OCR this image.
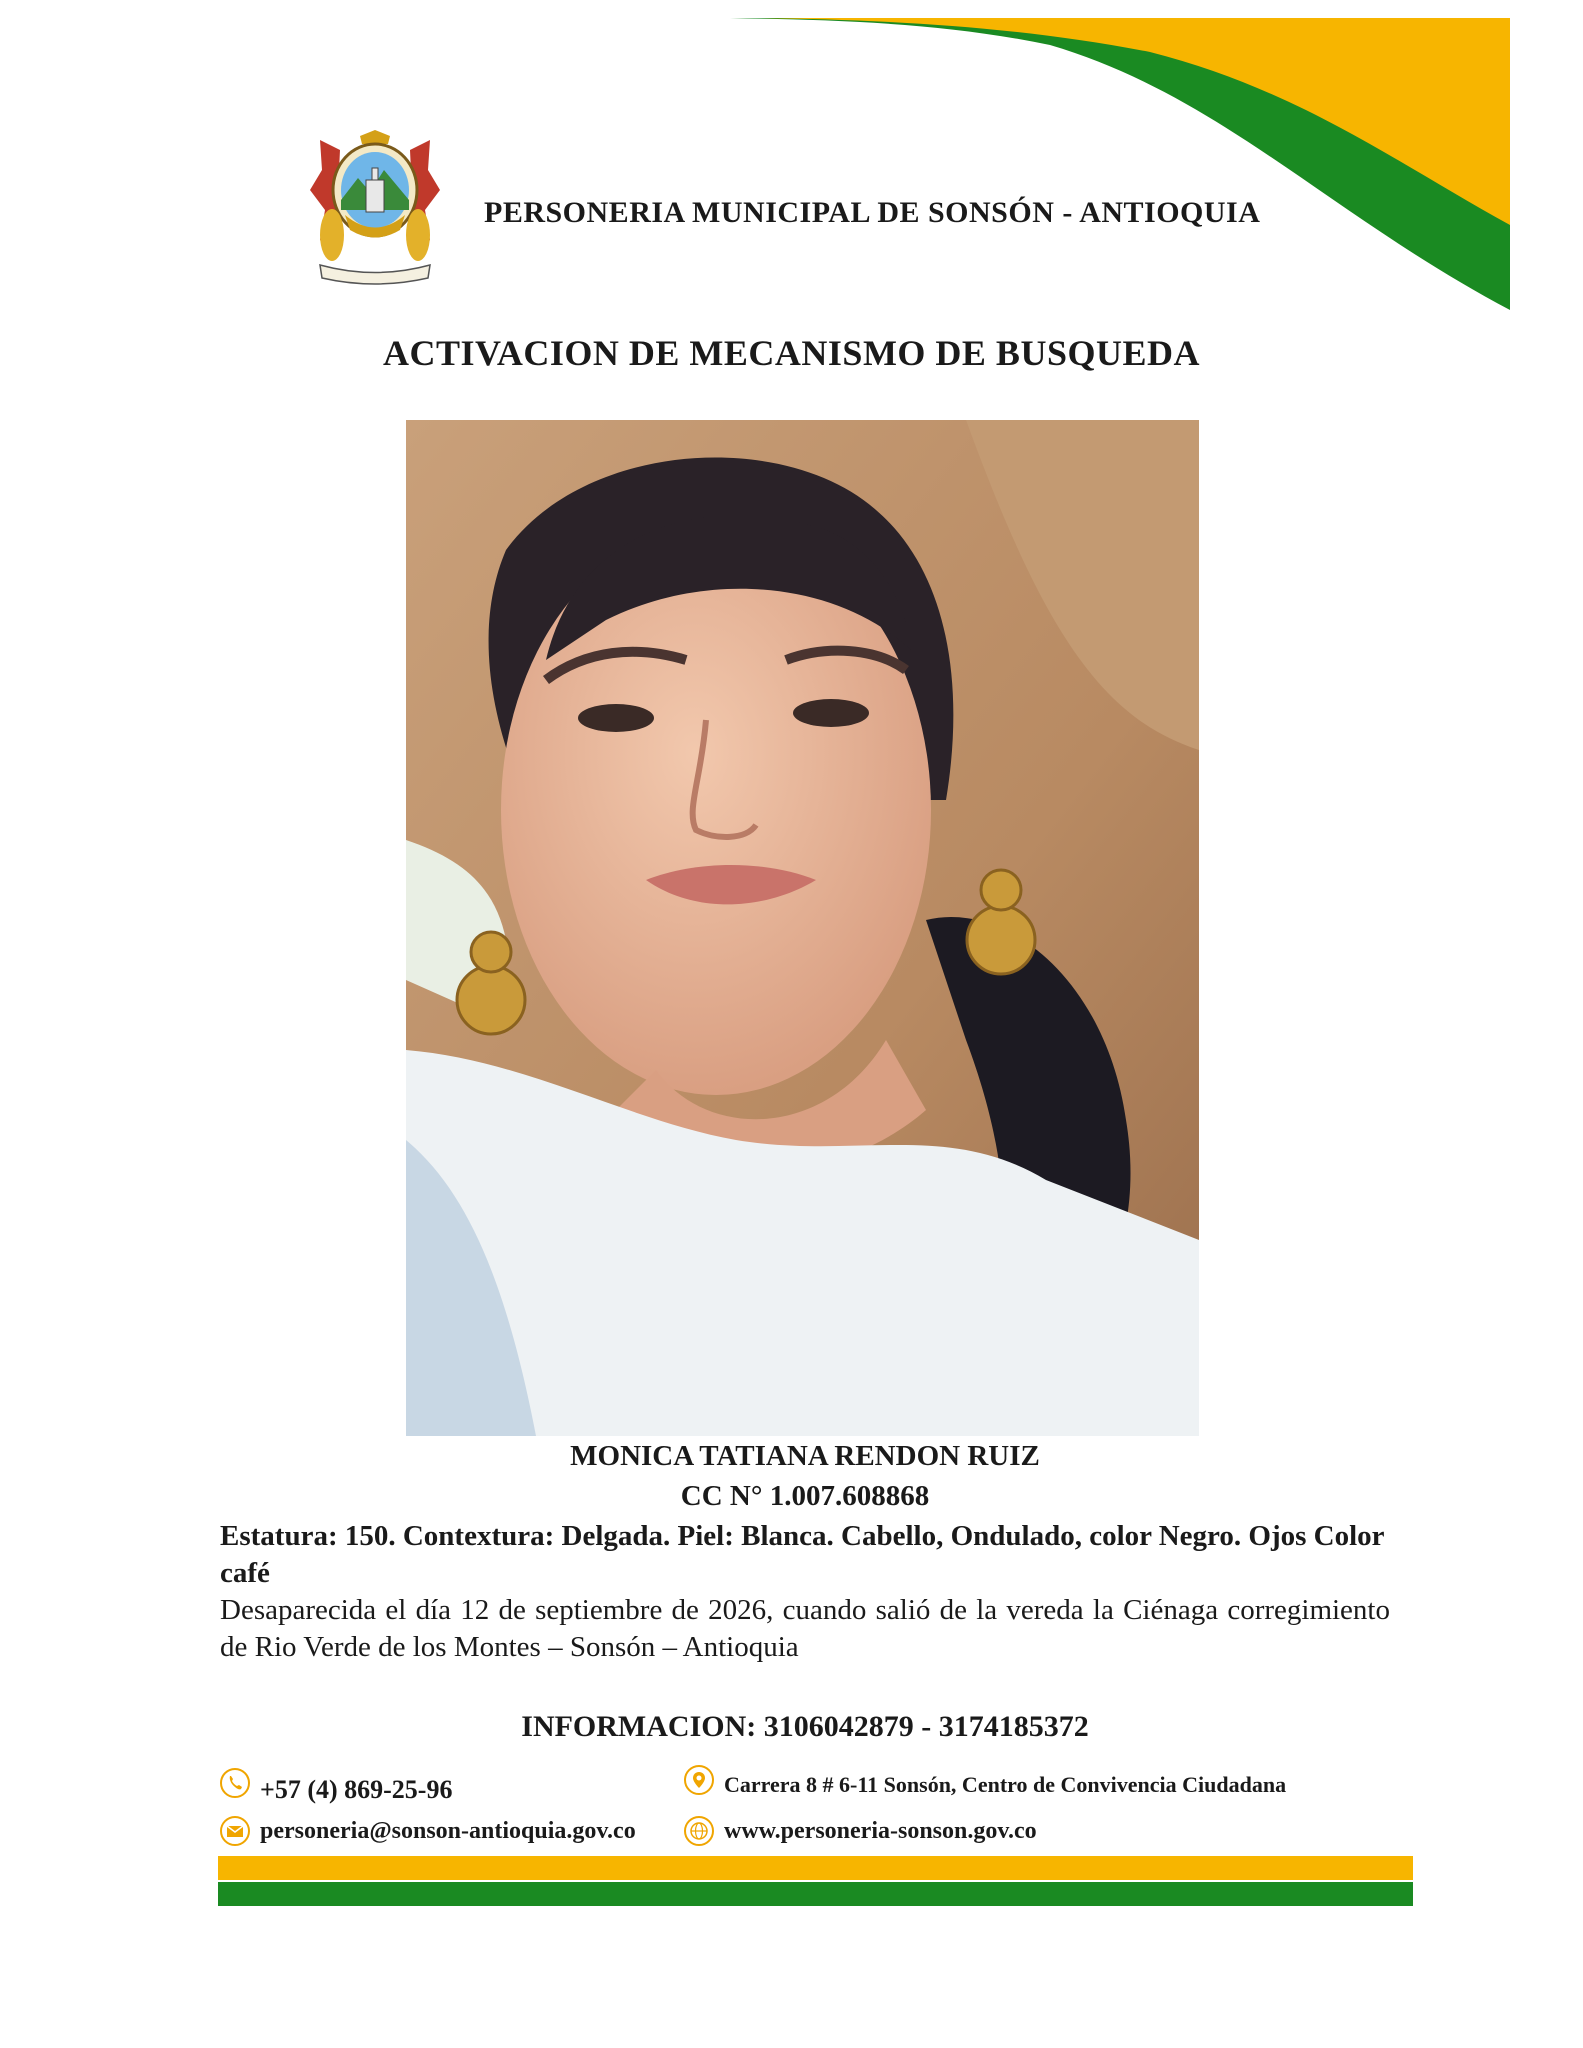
PERSONERIA MUNICIPAL DE SONSÓN - ANTIOQUIA
ACTIVACION DE MECANISMO DE BUSQUEDA
MONICA TATIANA RENDON RUIZ
CC N° 1.007.608868
Estatura: 150. Contextura: Delgada. Piel: Blanca. Cabello, Ondulado, color Negro. Ojos Color café
Desaparecida el día 12 de septiembre de 2026, cuando salió de la vereda la Ciénaga corregimiento de Rio Verde de los Montes – Sonsón – Antioquia
INFORMACION: 3106042879 - 3174185372
+57 (4) 869-25-96
personeria@sonson-antioquia.gov.co
Carrera 8 # 6-11 Sonsón, Centro de Convivencia Ciudadana
www.personeria-sonson.gov.co
